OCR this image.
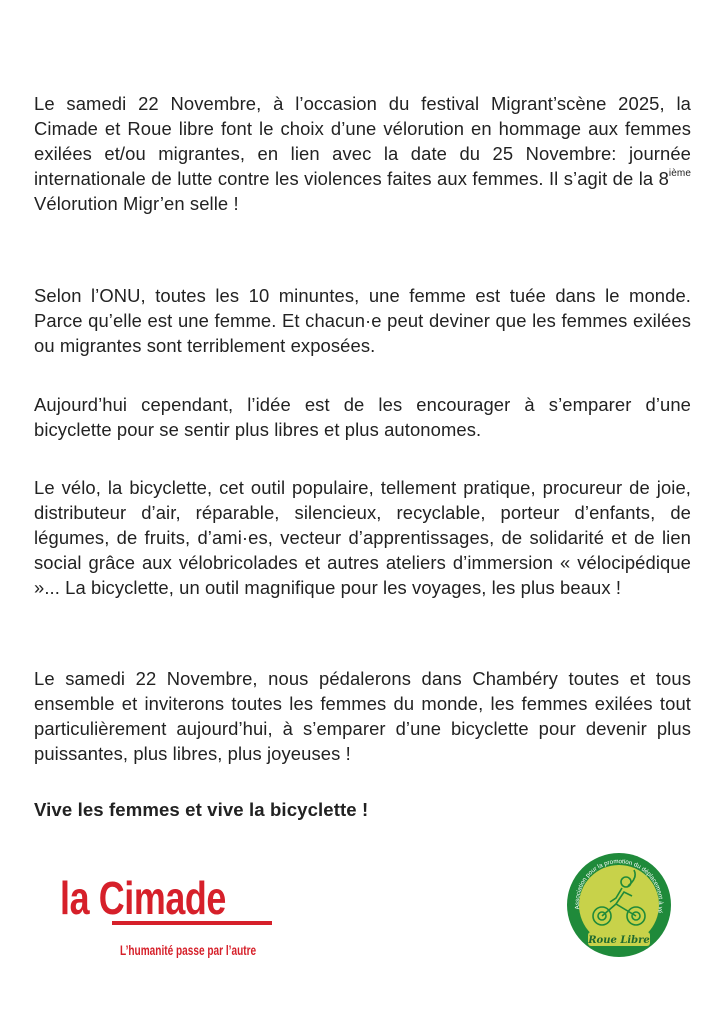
Le samedi 22 Novembre, à l’occasion du festival Migrant’scène 2025, la Cimade et Roue libre font le choix d’une vélorution en hommage aux femmes exilées et/ou migrantes, en lien avec la date du 25 Novembre: journée internationale de lutte contre les violences faites aux femmes. Il s’agit de la 8ième Vélorution Migr’en selle !

Selon l’ONU, toutes les 10 minuntes, une femme est tuée dans le monde. Parce qu’elle est une femme. Et chacun·e peut deviner que les femmes exilées ou migrantes sont terriblement exposées.

Aujourd’hui cependant, l’idée est de les encourager à s’emparer d’une bicyclette pour se sentir plus libres et plus autonomes.

Le vélo, la bicyclette, cet outil populaire, tellement pratique, procureur de joie, distributeur d’air, réparable, silencieux, recyclable, porteur d’enfants, de légumes, de fruits, d’ami·es, vecteur d’apprentissages, de solidarité et de lien social grâce aux vélobricolades et autres ateliers d’immersion « vélocipédique »... La bicyclette, un outil magnifique pour les voyages, les plus beaux !

Le samedi 22 Novembre, nous pédalerons dans Chambéry toutes et tous ensemble et inviterons toutes les femmes du monde, les femmes exilées tout particulièrement aujourd’hui, à s’emparer d’une bicyclette pour devenir plus puissantes, plus libres, plus joyeuses !

Vive les femmes et vive la bicyclette !

la Cimade
L’humanité passe par l’autre
Association pour la promotion du déplacement à vé
Roue Libre
